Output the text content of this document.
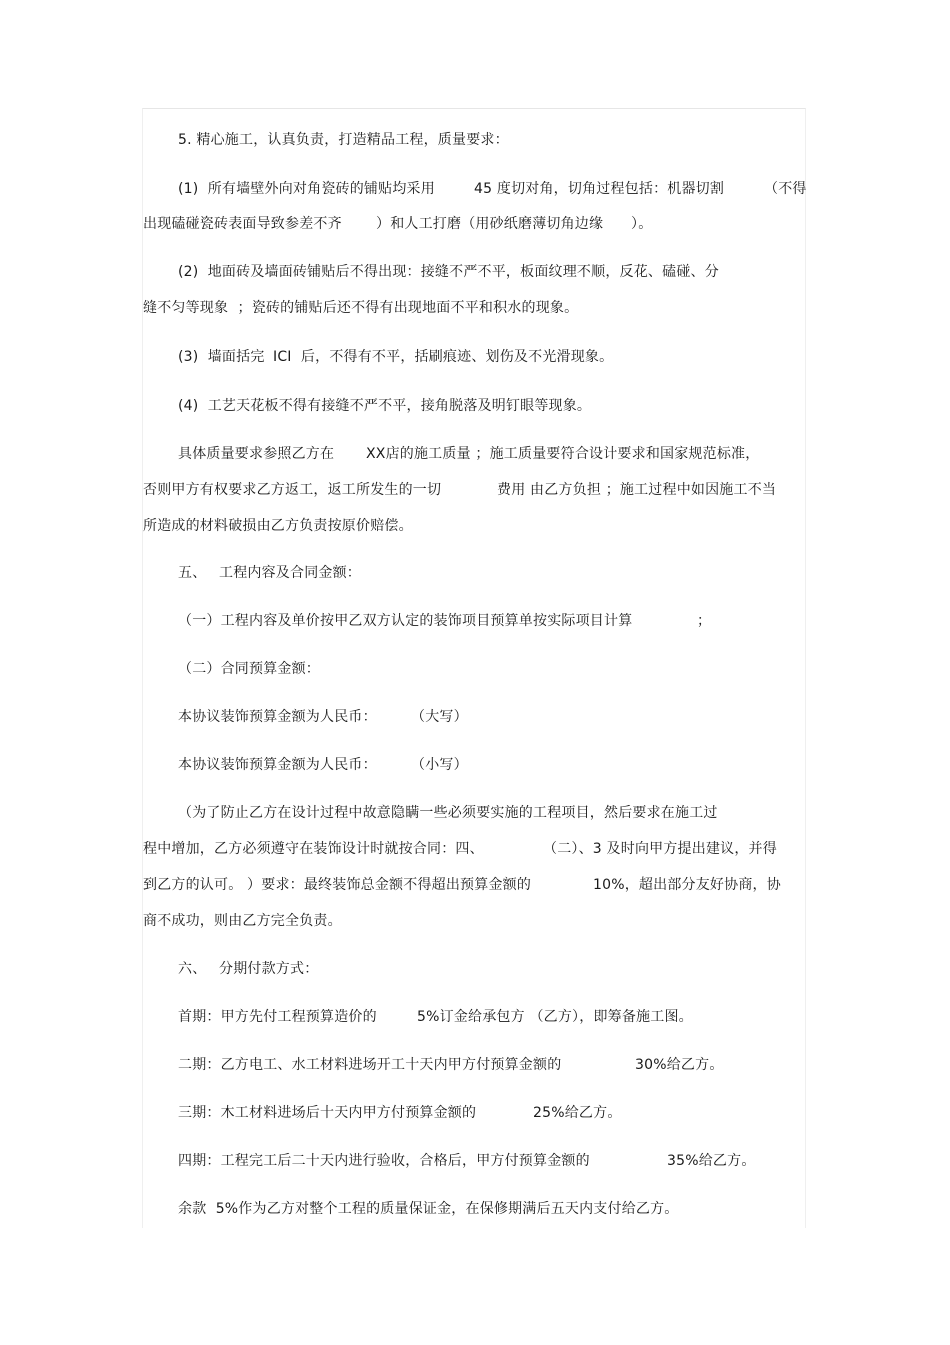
5. 精心施工，认真负责，打造精品工程，质量要求：

(1)  所有墙壁外向对角瓷砖的铺贴均采用

	45 度切对角，切角过程包括：机器切割

	（不得

出现磕碰瓷砖表面导致参差不齐

）和人工打磨（用砂纸磨薄切角边缘

）。

(2)  地面砖及墙面砖铺贴后不得出现：接缝不严不平，板面纹理不顺，反花、磕碰、分

缝不匀等现象  ；瓷砖的铺贴后还不得有出现地面不平和积水的现象。

(3)  墙面括完

ICI  后，不得有不平，括刷痕迹、划伤及不光滑现象。

(4)  工艺天花板不得有接缝不严不平，接角脱落及明钉眼等现象。

具体质量要求参照乙方在

XX店的施工质量 ；施工质量要符合设计要求和国家规范标准，

否则甲方有权要求乙方返工，返工所发生的一切

	费用 由乙方负担 ；施工过程中如因施工不当

所造成的材料破损由乙方负责按原价赔偿。

五、

工程内容及合同金额：

（一）工程内容及单价按甲乙双方认定的装饰项目预算单按实际项目计算

	；

（二）合同预算金额：

本协议装饰预算金额为人民币：

（大写）

本协议装饰预算金额为人民币：

（小写）

（为了防止乙方在设计过程中故意隐瞒一些必须要实施的工程项目，然后要求在施工过

程中增加，乙方必须遵守在装饰设计时就按合同：四、

	（二）、3 及时向甲方提出建议，并得

到乙方的认可。 ）要求：最终装饰总金额不得超出预算金额的

	10%，超出部分友好协商，协

商不成功，则由乙方完全负责。

六、

分期付款方式：

首期：甲方先付工程预算造价的

	5%订金给承包方 （乙方），即筹备施工图。

二期：乙方电工、水工材料进场开工十天内甲方付预算金额的

	30%给乙方。

三期：木工材料进场后十天内甲方付预算金额的

	25%给乙方。

四期：工程完工后二十天内进行验收，合格后，甲方付预算金额的

	35%给乙方。

余款  5%作为乙方对整个工程的质量保证金，在保修期满后五天内支付给乙方。
